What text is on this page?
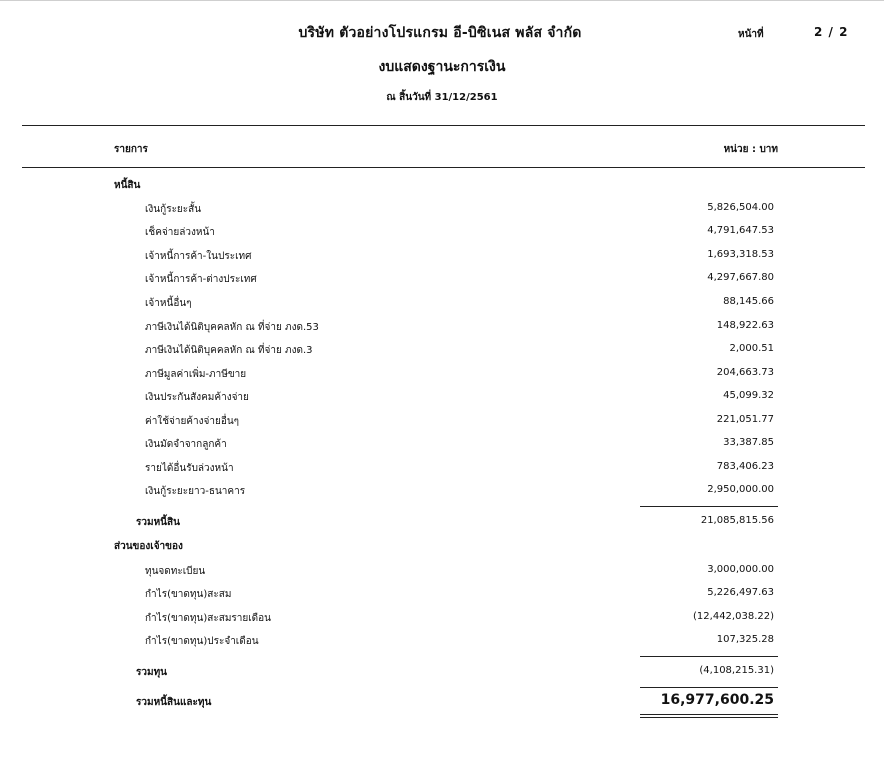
บริษัท ตัวอย่างโปรแกรม อี-บิซิเนส พลัส จำกัด	หน้าที่	2 / 2
งบแสดงฐานะการเงิน
ณ สิ้นวันที่ 31/12/2561
รายการ	หน่วย : บาท
หนี้สิน
เงินกู้ระยะสั้น	5,826,504.00
เช็คจ่ายล่วงหน้า	4,791,647.53
เจ้าหนี้การค้า-ในประเทศ	1,693,318.53
เจ้าหนี้การค้า-ต่างประเทศ	4,297,667.80
เจ้าหนี้อื่นๆ	88,145.66
ภาษีเงินได้นิติบุคคลหัก ณ ที่จ่าย ภงด.53	148,922.63
ภาษีเงินได้นิติบุคคลหัก ณ ที่จ่าย ภงด.3	2,000.51
ภาษีมูลค่าเพิ่ม-ภาษีขาย	204,663.73
เงินประกันสังคมค้างจ่าย	45,099.32
ค่าใช้จ่ายค้างจ่ายอื่นๆ	221,051.77
เงินมัดจำจากลูกค้า	33,387.85
รายได้อื่นรับล่วงหน้า	783,406.23
เงินกู้ระยะยาว-ธนาคาร	2,950,000.00
รวมหนี้สิน	21,085,815.56
ส่วนของเจ้าของ
ทุนจดทะเบียน	3,000,000.00
กำไร(ขาดทุน)สะสม	5,226,497.63
กำไร(ขาดทุน)สะสมรายเดือน	(12,442,038.22)
กำไร(ขาดทุน)ประจำเดือน	107,325.28
รวมทุน	(4,108,215.31)
รวมหนี้สินและทุน	16,977,600.25
